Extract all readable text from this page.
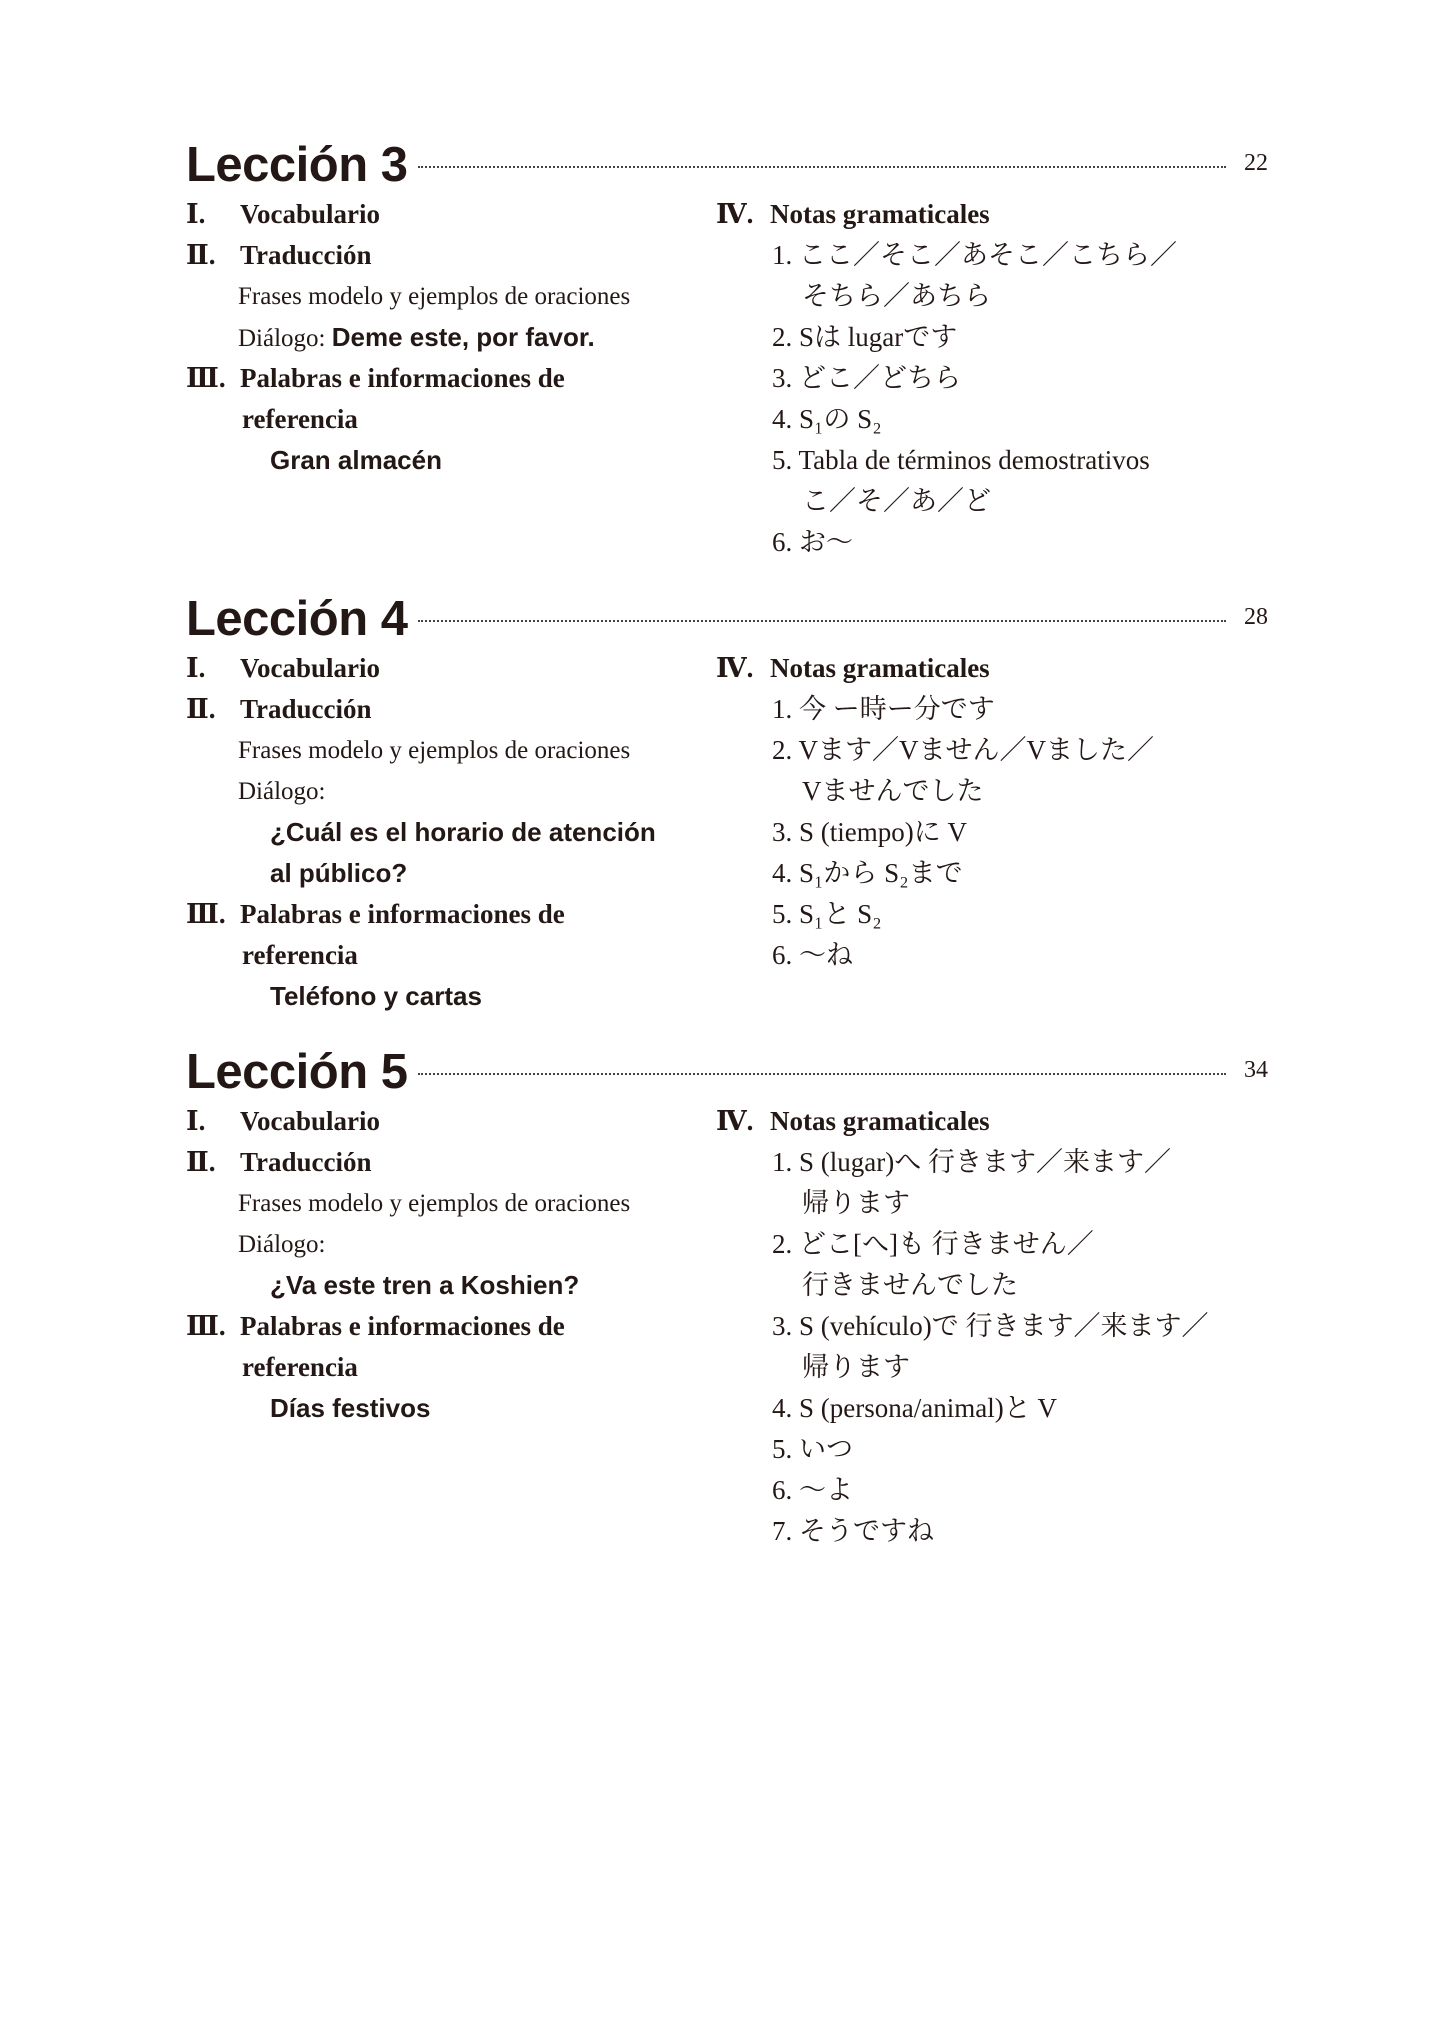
Lección 3	22
Ⅰ. Vocabulario
Ⅱ. Traducción
Frases modelo y ejemplos de oraciones
Diálogo: Deme este, por favor.
Ⅲ. Palabras e informaciones de
referencia
Gran almacén
Ⅳ. Notas gramaticales
1. ここ／そこ／あそこ／こちら／
そちら／あちら
2. Sは lugarです
3. どこ／どちら
4. S₁の S₂
5. Tabla de términos demostrativos
こ／そ／あ／ど
6. お～
Lección 4	28
Ⅰ. Vocabulario
Ⅱ. Traducción
Frases modelo y ejemplos de oraciones
Diálogo:
¿Cuál es el horario de atención
al público?
Ⅲ. Palabras e informaciones de
referencia
Teléfono y cartas
Ⅳ. Notas gramaticales
1. 今 ー時ー分です
2. Vます／Vません／Vました／
Vませんでした
3. S (tiempo)に V
4. S₁から S₂まで
5. S₁と S₂
6. ～ね
Lección 5	34
Ⅰ. Vocabulario
Ⅱ. Traducción
Frases modelo y ejemplos de oraciones
Diálogo:
¿Va este tren a Koshien?
Ⅲ. Palabras e informaciones de
referencia
Días festivos
Ⅳ. Notas gramaticales
1. S (lugar)へ 行きます／来ます／
帰ります
2. どこ[へ]も 行きません／
行きませんでした
3. S (vehículo)で 行きます／来ます／
帰ります
4. S (persona/animal)と V
5. いつ
6. ～よ
7. そうですね
